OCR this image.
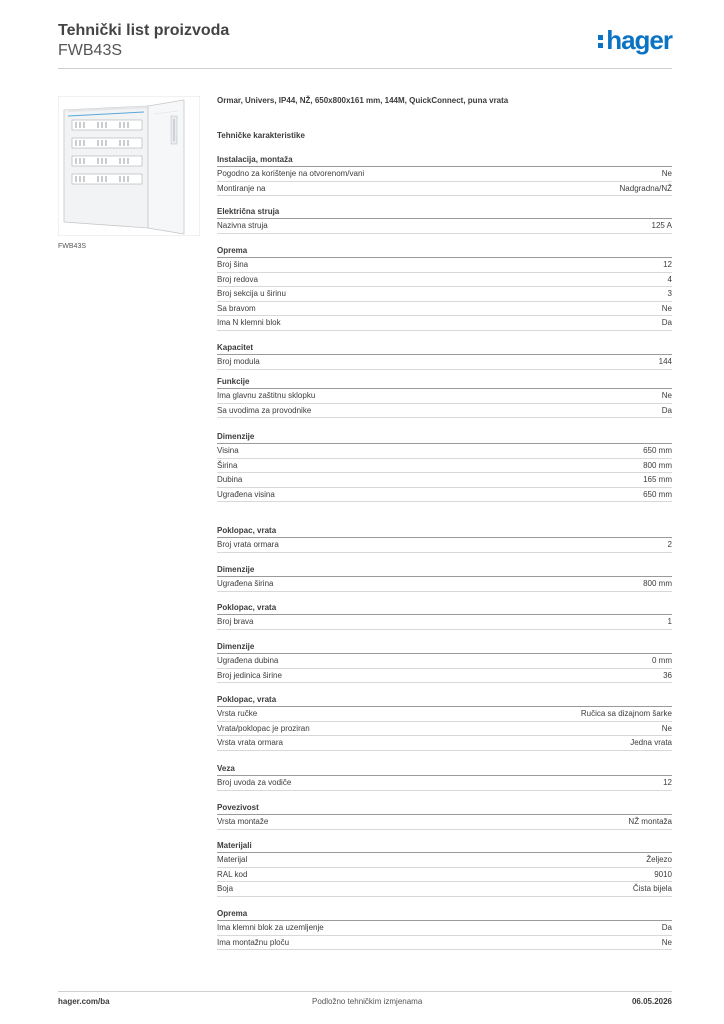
Tehnički list proizvoda
FWB43S	hager
FWB43S
Ormar, Univers, IP44, NŽ, 650x800x161 mm, 144M, QuickConnect, puna vrata
Tehničke karakteristike
Instalacija, montaža
Pogodno za korištenje na otvorenom/vani	Ne
Montiranje na	Nadgradna/NŽ
Električna struja
Nazivna struja	125 A
Oprema
Broj šina	12
Broj redova	4
Broj sekcija u širinu	3
Sa bravom	Ne
Ima N klemni blok	Da
Kapacitet
Broj modula	144
Funkcije
Ima glavnu zaštitnu sklopku	Ne
Sa uvodima za provodnike	Da
Dimenzije
Visina	650 mm
Širina	800 mm
Dubina	165 mm
Ugrađena visina	650 mm
Poklopac, vrata
Broj vrata ormara	2
Dimenzije
Ugrađena širina	800 mm
Poklopac, vrata
Broj brava	1
Dimenzije
Ugrađena dubina	0 mm
Broj jedinica širine	36
Poklopac, vrata
Vrsta ručke	Ručica sa dizajnom šarke
Vrata/poklopac je proziran	Ne
Vrsta vrata ormara	Jedna vrata
Veza
Broj uvoda za vodiče	12
Povezivost
Vrsta montaže	NŽ montaža
Materijali
Materijal	Željezo
RAL kod	9010
Boja	Čista bijela
Oprema
Ima klemni blok za uzemljenje	Da
Ima montažnu ploču	Ne
hager.com/ba	Podložno tehničkim izmjenama	06.05.2026
